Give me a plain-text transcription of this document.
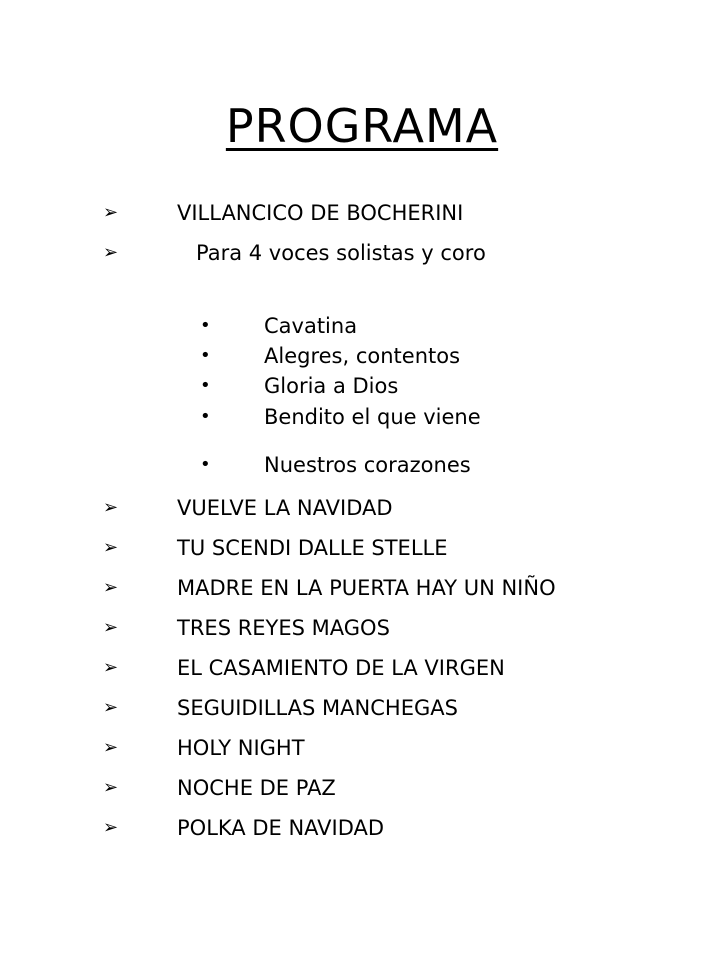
PROGRAMA
➢	VILLANCICO DE BOCHERINI
➢	Para 4 voces solistas y coro
•	Cavatina
•	Alegres, contentos
•	Gloria a Dios
•	Bendito el que viene
•	Nuestros corazones
➢	VUELVE LA NAVIDAD
➢	TU SCENDI DALLE STELLE
➢	MADRE EN LA PUERTA HAY UN NIÑO
➢	TRES REYES MAGOS
➢	EL CASAMIENTO DE LA VIRGEN
➢	SEGUIDILLAS MANCHEGAS
➢	HOLY NIGHT
➢	NOCHE DE PAZ
➢	POLKA DE NAVIDAD
